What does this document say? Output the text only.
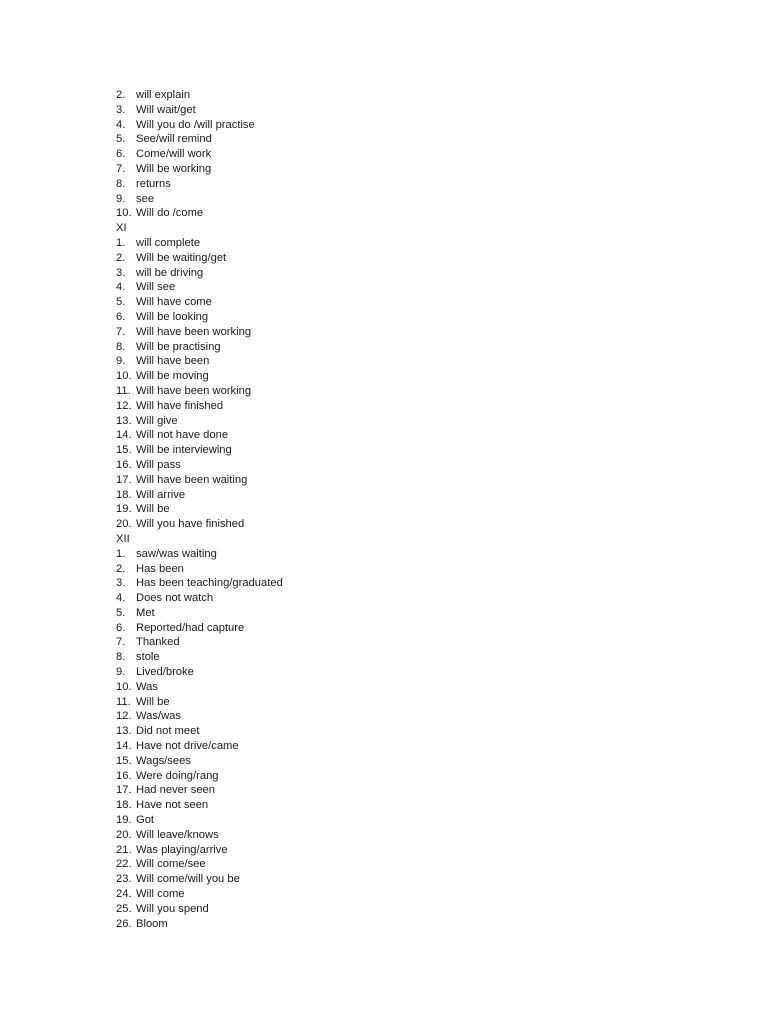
2. will explain
3. Will wait/get
4. Will you do /will practise
5. See/will remind
6. Come/will work
7. Will be working
8. returns
9. see
10. Will do /come
XI
1. will complete
2. Will be waiting/get
3. will be driving
4. Will see
5. Will have come
6. Will be looking
7. Will have been working
8. Will be practising
9. Will have been
10. Will be moving
11. Will have been working
12. Will have finished
13. Will give
14. Will not have done
15. Will be interviewing
16. Will pass
17. Will have been waiting
18. Will arrive
19. Will be
20. Will you have finished
XII
1. saw/was waiting
2. Has been
3. Has been teaching/graduated
4. Does not watch
5. Met
6. Reported/had capture
7. Thanked
8. stole
9. Lived/broke
10. Was
11. Will be
12. Was/was
13. Did not meet
14. Have not drive/came
15. Wags/sees
16. Were doing/rang
17. Had never seen
18. Have not seen
19. Got
20. Will leave/knows
21. Was playing/arrive
22. Will come/see
23. Will come/will you be
24. Will come
25. Will you spend
26. Bloom
